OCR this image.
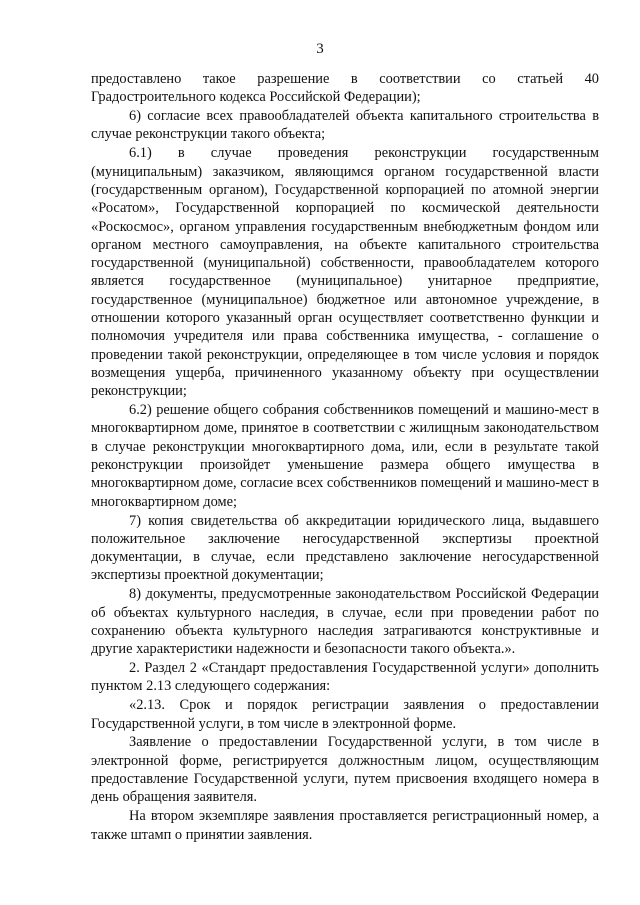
3

предоставлено такое разрешение в соответствии со статьей 40 Градостроительного кодекса Российской Федерации);

6) согласие всех правообладателей объекта капитального строительства в случае реконструкции такого объекта;

6.1) в случае проведения реконструкции государственным (муниципальным) заказчиком, являющимся органом государственной власти (государственным органом), Государственной корпорацией по атомной энергии «Росатом», Государственной корпорацией по космической деятельности «Роскосмос», органом управления государственным внебюджетным фондом или органом местного самоуправления, на объекте капитального строительства государственной (муниципальной) собственности, правообладателем которого является государственное (муниципальное) унитарное предприятие, государственное (муниципальное) бюджетное или автономное учреждение, в отношении которого указанный орган осуществляет соответственно функции и полномочия учредителя или права собственника имущества, - соглашение о проведении такой реконструкции, определяющее в том числе условия и порядок возмещения ущерба, причиненного указанному объекту при осуществлении реконструкции;

6.2) решение общего собрания собственников помещений и машино-мест в многоквартирном доме, принятое в соответствии с жилищным законодательством в случае реконструкции многоквартирного дома, или, если в результате такой реконструкции произойдет уменьшение размера общего имущества в многоквартирном доме, согласие всех собственников помещений и машино-мест в многоквартирном доме;

7) копия свидетельства об аккредитации юридического лица, выдавшего положительное заключение негосударственной экспертизы проектной документации, в случае, если представлено заключение негосударственной экспертизы проектной документации;

8) документы, предусмотренные законодательством Российской Федерации об объектах культурного наследия, в случае, если при проведении работ по сохранению объекта культурного наследия затрагиваются конструктивные и другие характеристики надежности и безопасности такого объекта.».

2. Раздел 2 «Стандарт предоставления Государственной услуги» дополнить пунктом 2.13 следующего содержания:

«2.13. Срок и порядок регистрации заявления о предоставлении Государственной услуги, в том числе в электронной форме.

Заявление о предоставлении Государственной услуги, в том числе в электронной форме, регистрируется должностным лицом, осуществляющим предоставление Государственной услуги, путем присвоения входящего номера в день обращения заявителя.

На втором экземпляре заявления проставляется регистрационный номер, а также штамп о принятии заявления.
